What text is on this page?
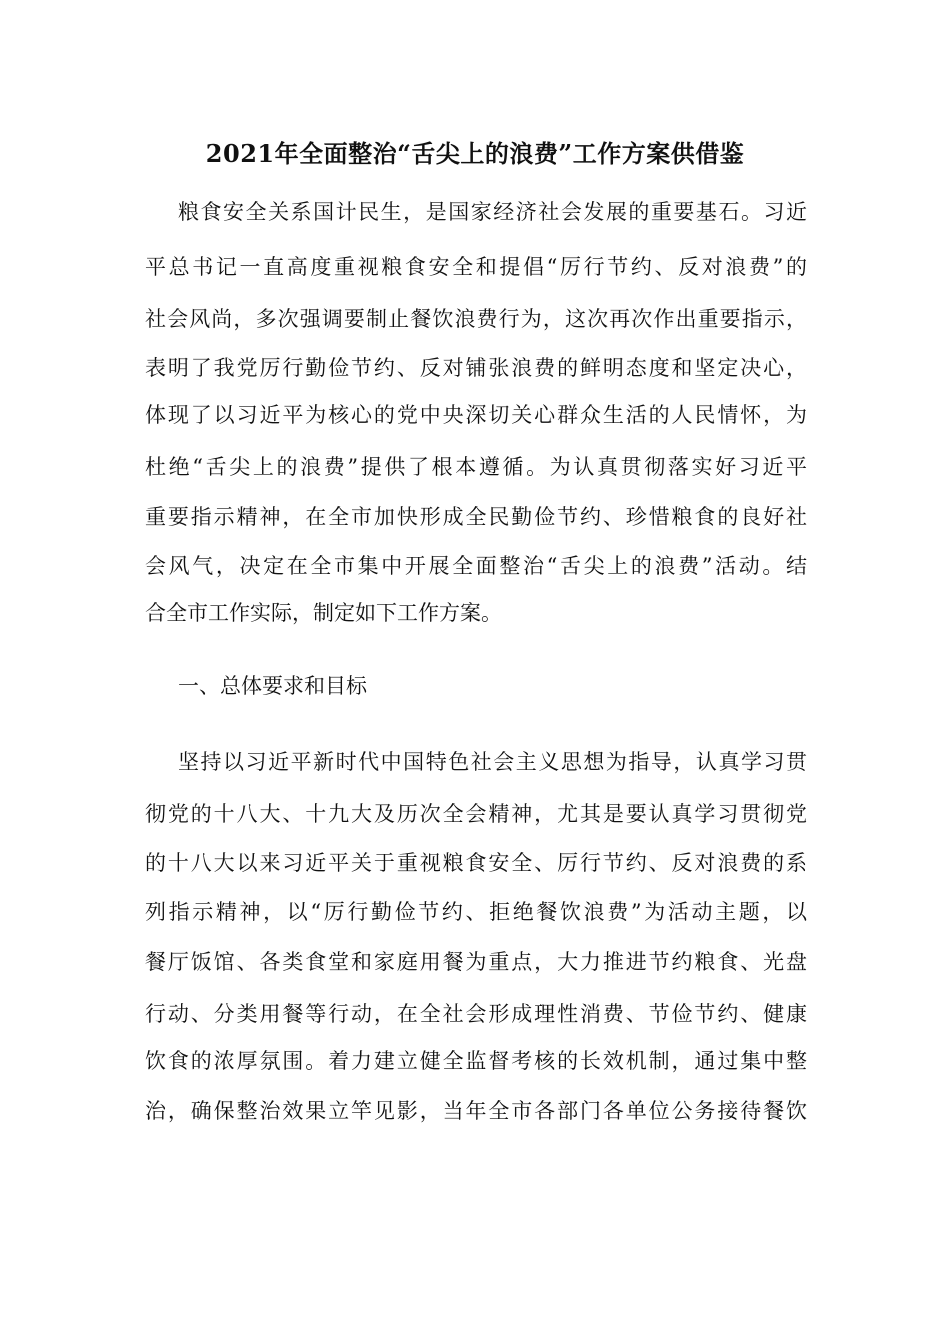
2021年全面整治“舌尖上的浪费”工作方案供借鉴
粮食安全关系国计民生，是国家经济社会发展的重要基石。习近
平总书记一直高度重视粮食安全和提倡“厉行节约、反对浪费”的
社会风尚，多次强调要制止餐饮浪费行为，这次再次作出重要指示，
表明了我党厉行勤俭节约、反对铺张浪费的鲜明态度和坚定决心，
体现了以习近平为核心的党中央深切关心群众生活的人民情怀，为
杜绝“舌尖上的浪费”提供了根本遵循。为认真贯彻落实好习近平
重要指示精神，在全市加快形成全民勤俭节约、珍惜粮食的良好社
会风气，决定在全市集中开展全面整治“舌尖上的浪费”活动。结
合全市工作实际，制定如下工作方案。
一、总体要求和目标
坚持以习近平新时代中国特色社会主义思想为指导，认真学习贯
彻党的十八大、十九大及历次全会精神，尤其是要认真学习贯彻党
的十八大以来习近平关于重视粮食安全、厉行节约、反对浪费的系
列指示精神，以“厉行勤俭节约、拒绝餐饮浪费”为活动主题，以
餐厅饭馆、各类食堂和家庭用餐为重点，大力推进节约粮食、光盘
行动、分类用餐等行动，在全社会形成理性消费、节俭节约、健康
饮食的浓厚氛围。着力建立健全监督考核的长效机制，通过集中整
治，确保整治效果立竿见影，当年全市各部门各单位公务接待餐饮
